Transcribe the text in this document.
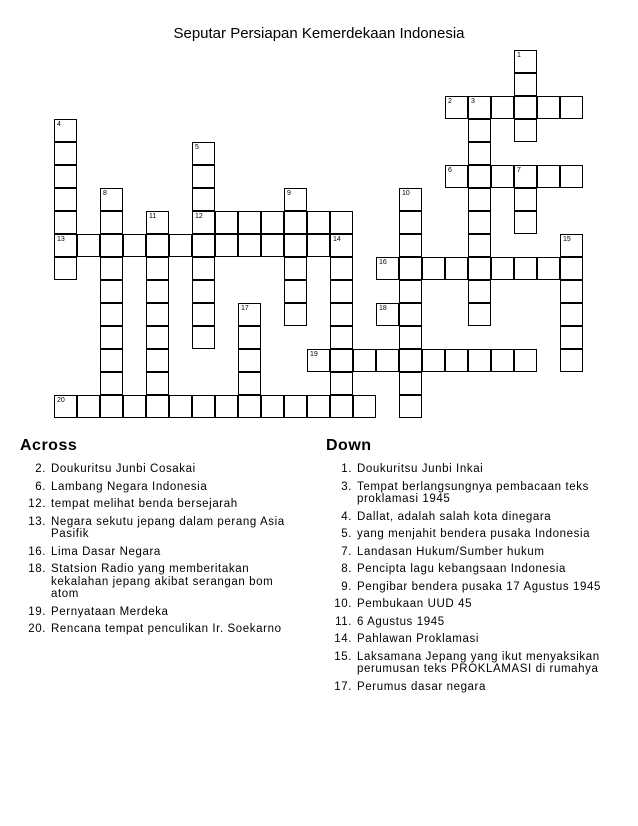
Seputar Persiapan Kemerdekaan Indonesia
1
2	3
4
13
5
12
6	7
8	9	10
11
14	15
16
17	18
19
20
Across
2. Doukuritsu Junbi Cosakai
6. Lambang Negara Indonesia
12. tempat melihat benda bersejarah
13. Negara sekutu jepang dalam perang Asia Pasifik
16. Lima Dasar Negara
18. Statsion Radio yang memberitakan kekalahan jepang akibat serangan bom atom
19. Pernyataan Merdeka
20. Rencana tempat penculikan Ir. Soekarno
Down
1. Doukuritsu Junbi Inkai
3. Tempat berlangsungnya pembacaan teks proklamasi 1945
4. Dallat, adalah salah kota dinegara
5. yang menjahit bendera pusaka Indonesia
7. Landasan Hukum/Sumber hukum
8. Pencipta lagu kebangsaan Indonesia
9. Pengibar bendera pusaka 17 Agustus 1945
10. Pembukaan UUD 45
11. 6 Agustus 1945
14. Pahlawan Proklamasi
15. Laksamana Jepang yang ikut menyaksikan perumusan teks PROKLAMASI di rumahya
17. Perumus dasar negara
